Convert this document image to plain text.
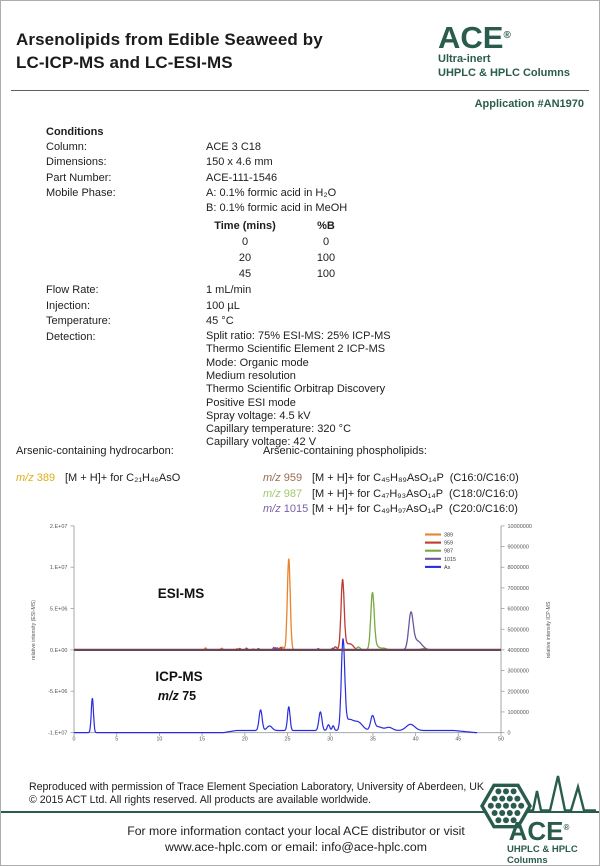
Arsenolipids from Edible Seaweed by
LC-ICP-MS and LC-ESI-MS
ACE®
Ultra-inert
UHPLC & HPLC Columns
Application #AN1970
Conditions
Column:	ACE 3 C18
Dimensions:	150 x 4.6 mm
Part Number:	ACE-111-1546
Mobile Phase:	A: 0.1% formic acid in H₂O
B: 0.1% formic acid in MeOH
Time (mins)	%B
0	0
20	100
45	100
Flow Rate:	1 mL/min
Injection:	100 µL
Temperature:	45 °C
Detection:	Split ratio: 75% ESI-MS: 25% ICP-MS
Thermo Scientific Element 2 ICP-MS
Mode: Organic mode
Medium resolution
Thermo Scientific Orbitrap Discovery
Positive ESI mode
Spray voltage: 4.5 kV
Capillary temperature: 320 °C
Capillary voltage: 42 V
Arsenic-containing hydrocarbon:
m/z 389 [M + H]+ for C₂₁H₄₆AsO
Arsenic-containing phospholipids:
m/z 959 [M + H]+ for C₄₅H₈₉AsO₁₄P  (C16:0/C16:0)
m/z 987 [M + H]+ for C₄₇H₉₃AsO₁₄P  (C18:0/C16:0)
m/z 1015 [M + H]+ for C₄₉H₉₇AsO₁₄P  (C20:0/C16:0)
2.E+07
1.E+07
5.E+06
0.E+00
-5.E+06
-1.E+07
10000000
9000000
8000000
7000000
6000000
5000000
4000000
3000000
2000000
1000000
0
0	5	10	15	20	25	30	35	40	45	50
relative intensity (ESI-MS)	relative intensity ICP-MS
389
959
987
1015
As
ESI-MS
ICP-MS
m/z 75
Reproduced with permission of Trace Element Speciation Laboratory, University of Aberdeen, UK
© 2015 ACT Ltd. All rights reserved. All products are available worldwide.
For more information contact your local ACE distributor or visit
www.ace-hplc.com or email: info@ace-hplc.com
ACE®
UHPLC & HPLC
Columns
